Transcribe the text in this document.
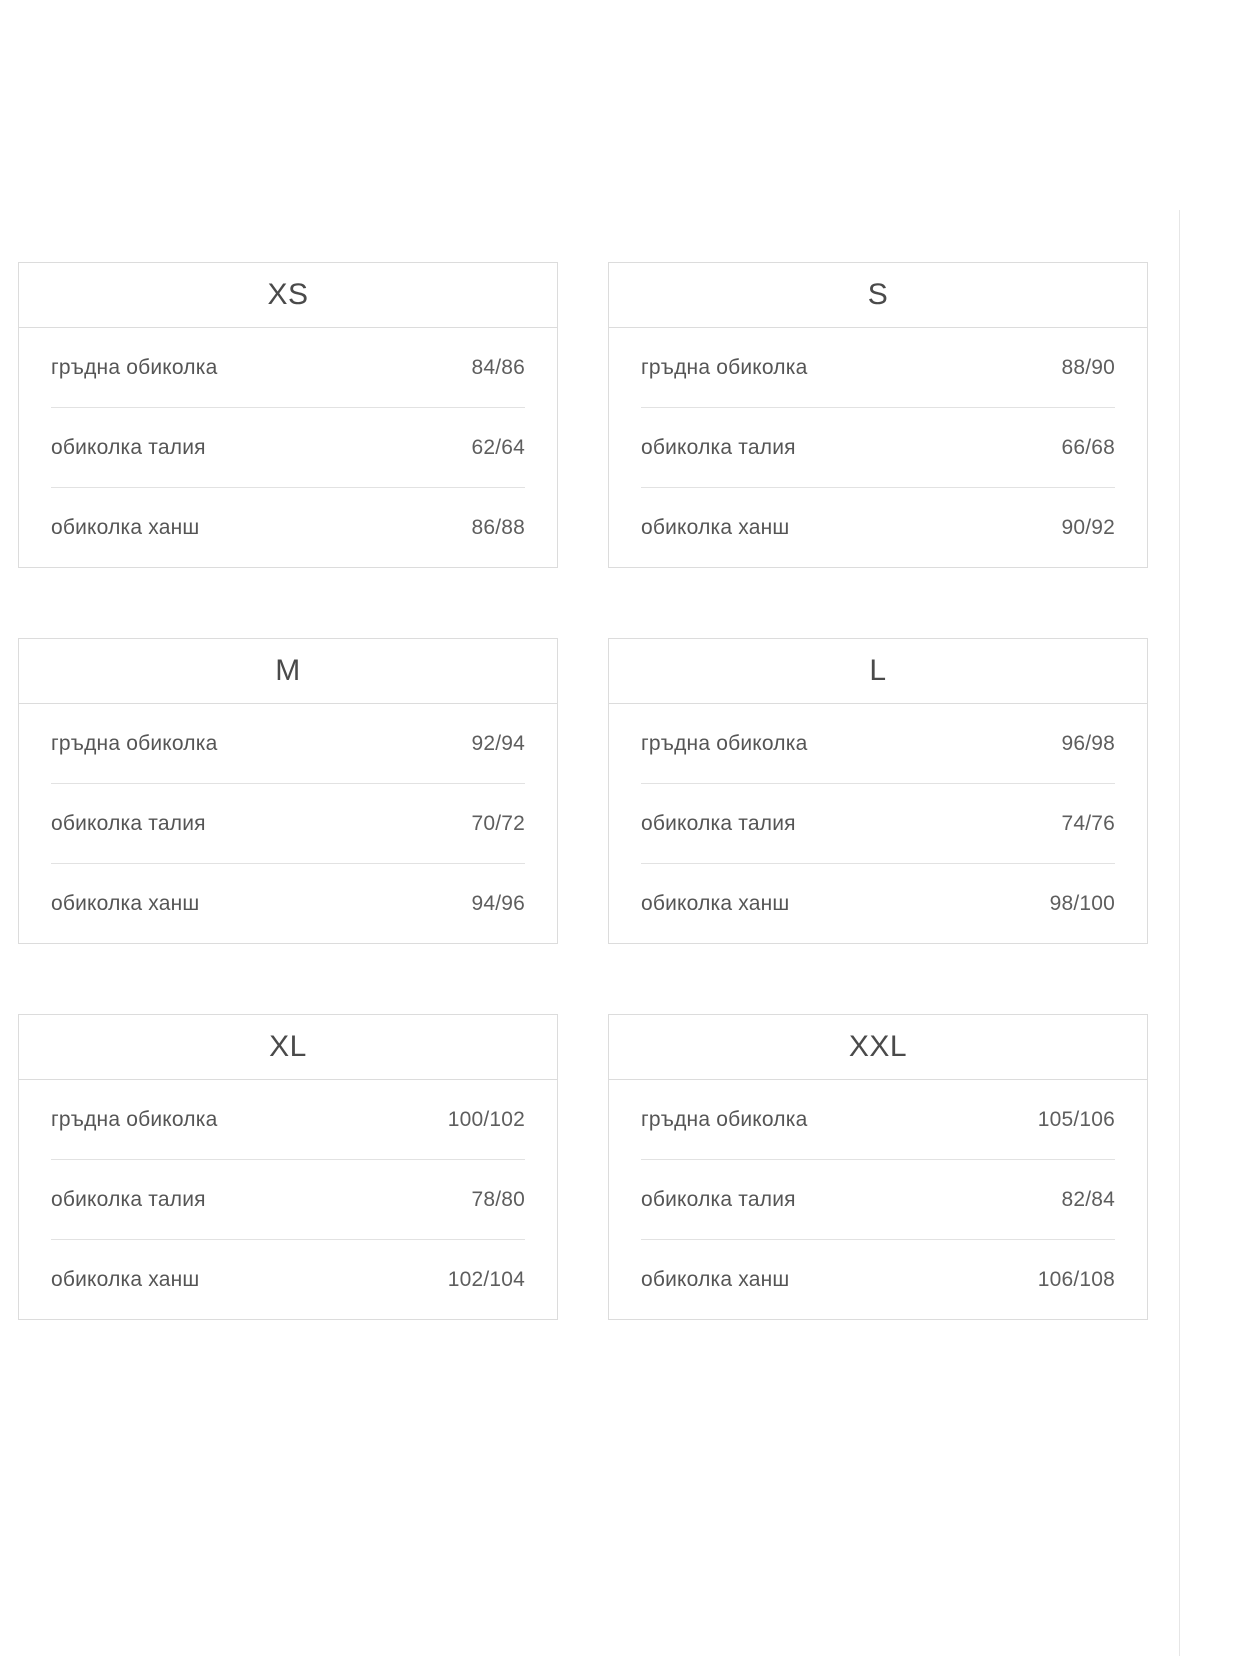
XS
гръдна обиколка	84/86
обиколка талия	62/64
обиколка ханш	86/88
S
гръдна обиколка	88/90
обиколка талия	66/68
обиколка ханш	90/92
M
гръдна обиколка	92/94
обиколка талия	70/72
обиколка ханш	94/96
L
гръдна обиколка	96/98
обиколка талия	74/76
обиколка ханш	98/100
XL
гръдна обиколка	100/102
обиколка талия	78/80
обиколка ханш	102/104
XXL
гръдна обиколка	105/106
обиколка талия	82/84
обиколка ханш	106/108
